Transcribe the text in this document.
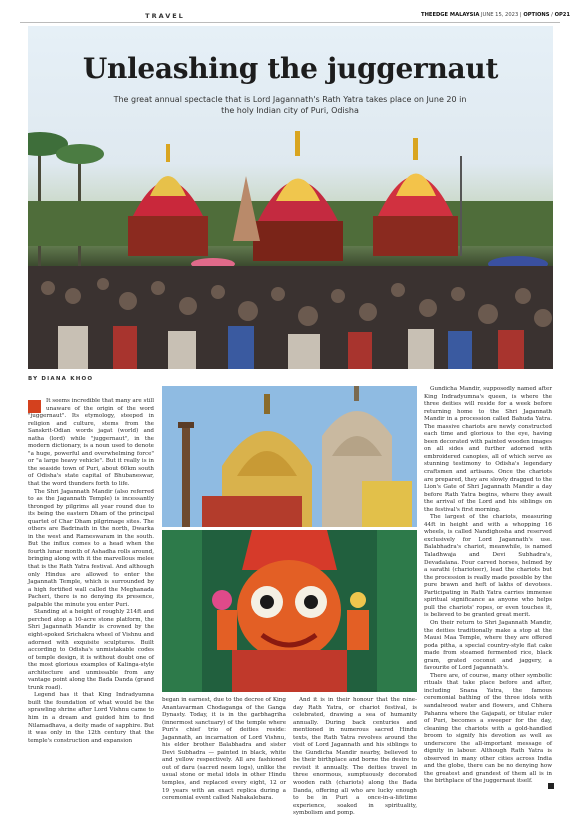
TRAVEL	THEEDGE MALAYSIA JUNE 15, 2023 | OPTIONS / OP21
Unleashing the juggernaut
The great annual spectacle that is Lord Jagannath's Rath Yatra takes place on June 20 in the holy Indian city of Puri, Odisha
BY DIANA KHOO

It seems incredible that many are still unaware of the origin of the word "juggernaut". Its etymology, steeped in religion and culture, stems from the Sanskrit-Odian words jagat (world) and natha (lord) while "juggernaut", in the modern dictionary, is a noun used to denote "a huge, powerful and overwhelming force" or "a large heavy vehicle". But it really is in the seaside town of Puri, about 60km south of Odisha's state capital of Bhubaneswar, that the word thunders forth to life.

The Shri Jagannath Mandir (also referred to as the Jagannath Temple) is incessantly thronged by pilgrims all year round due to its being the eastern Dham of the principal quartet of Char Dham pilgrimage sites. The others are Badrinath in the north, Dwarka in the west and Rameswaram in the south. But the influx comes to a head when the fourth lunar month of Ashadha rolls around, bringing along with it the marvellous melee that is the Rath Yatra festival. And although only Hindus are allowed to enter the Jagannath Temple, which is surrounded by a high fortified wall called the Meghanada Pacheri, there is no denying its presence, palpable the minute you enter Puri.

Standing at a height of roughly 214ft and perched atop a 10-acre stone platform, the Shri Jagannath Mandir is crowned by the eight-spoked Srichakra wheel of Vishnu and adorned with exquisite sculptures. Built according to Odisha's unmistakable codes of temple design, it is without doubt one of the most glorious examples of Kalinga-style architecture and unmissable from any vantage point along the Bada Danda (grand trunk road).

Legend has it that King Indradyumna built the foundation of what would be the sprawling shrine after Lord Vishnu came to him in a dream and guided him to find Nilamadhava, a deity made of sapphire. But it was only in the 12th century that the temple's construction and expansion

began in earnest, due to the decree of King Anantavarman Chodaganga of the Ganga Dynasty. Today, it is in the garbhagriha (innermost sanctuary) of the temple where Puri's chief trio of deities reside: Jagannath, an incarnation of Lord Vishnu, his elder brother Balabhadra and sister Devi Subhadra — painted in black, white and yellow respectively. All are fashioned out of daru (sacred neem logs), unlike the usual stone or metal idols in other Hindu temples, and replaced every eight, 12 or 19 years with an exact replica during a ceremonial event called Nabakalebara.

And it is in their honour that the nine-day Rath Yatra, or chariot festival, is celebrated, drawing a sea of humanity annually. During back centuries and mentioned in numerous sacred Hindu texts, the Rath Yatra revolves around the visit of Lord Jagannath and his siblings to the Gundicha Mandir nearby, believed to be their birthplace and borne the desire to revisit it annually. The deities travel in three enormous, sumptuously decorated wooden rath (chariots) along the Bada Danda, offering all who are lucky enough to be in Puri a once-in-a-lifetime experience, soaked in spirituality, symbolism and pomp.

Gundicha Mandir, supposedly named after King Indradyumna's queen, is where the three deities will reside for a week before returning home to the Shri Jagannath Mandir in a procession called Bahuda Yatra. The massive chariots are newly constructed each time and glorious to the eye, having been decorated with painted wooden images on all sides and further adorned with embroidered canopies, all of which serve as stunning testimony to Odisha's legendary craftsmen and artisans. Once the chariots are prepared, they are slowly dragged to the Lion's Gate of Shri Jagannath Mandir a day before Rath Yatra begins, where they await the arrival of the Lord and his siblings on the festival's first morning.

The largest of the chariots, measuring 44ft in height and with a whopping 16 wheels, is called Nandighosha and reserved exclusively for Lord Jagannath's use. Balabhadra's chariot, meanwhile, is named Taladhwaja and Devi Subhadra's, Devadalana. Four carved horses, helmed by a sarathi (charioteer), lead the chariots but the procession is really made possible by the pure brawn and heft of lakhs of devotees. Participating in Rath Yatra carries immense spiritual significance as anyone who helps pull the chariots' ropes, or even touches it, is believed to be granted great merit.

On their return to Shri Jagannath Mandir, the deities traditionally make a stop at the Mausi Maa Temple, where they are offered poda pitha, a special country-style flat cake made from steamed fermented rice, black gram, grated coconut and jaggery, a favourite of Lord Jagannath's.

There are, of course, many other symbolic rituals that take place before and after, including Snana Yatra, the famous ceremonial bathing of the three idols with sandalwood water and flowers, and Chhera Pahanra where the Gajapati, or titular ruler of Puri, becomes a sweeper for the day, cleaning the chariots with a gold-handled broom to signify his devotion as well as underscore the all-important message of dignity in labour. Although Rath Yatra is observed in many other cities across India and the globe, there can be no denying how the greatest and grandest of them all is in the birthplace of the juggernaut itself.
